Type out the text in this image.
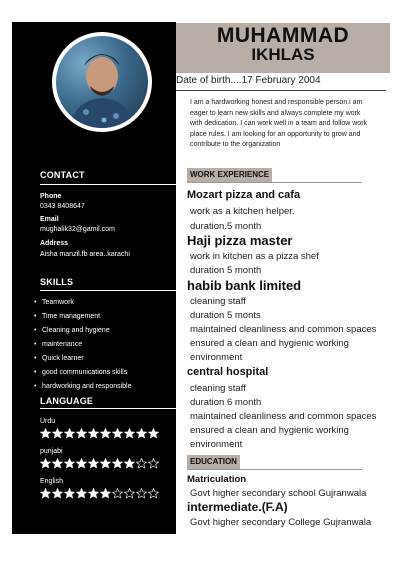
CONTACT
Phone
0343 8408647
Email
mughalik32@gamil.com
Address
Aisha manzil.fb area..karachi
SKILLS
• Teamwork
• Time management
• Cleaning and hygiene
• maintenance
• Quick learner
• good communications skills
• hardworking and responsible
LANGUAGE
Urdu
punjabi
English
MUHAMMAD
IKHLAS
Date of birth....17 February 2004
I am a hardworking honest and responsible person.i am eager to learn new skills and always complete my work with dedication. I can work well in a team and follow work place rules. I am looking for an opportunity to grow and contribute to the organization
WORK EXPERIENCE
Mozart pizza and cafa
work as a kitchen helper.
duration.5 month
Haji pizza master
work in kitchen as a pizza shef
duration 5 month
habib bank limited
cleaning staff
duration 5 monts
maintained cleanliness and common spaces
ensured a clean and hygienic working
environment
central hospital
cleaning staff
duration 6 month
maintained cleanliness and common spaces
ensured a clean and hygienic working
environment
EDUCATION
Matriculation
Govt higher secondary school Gujranwala
intermediate.(F.A)
Govt higher secondary College Gujranwala
